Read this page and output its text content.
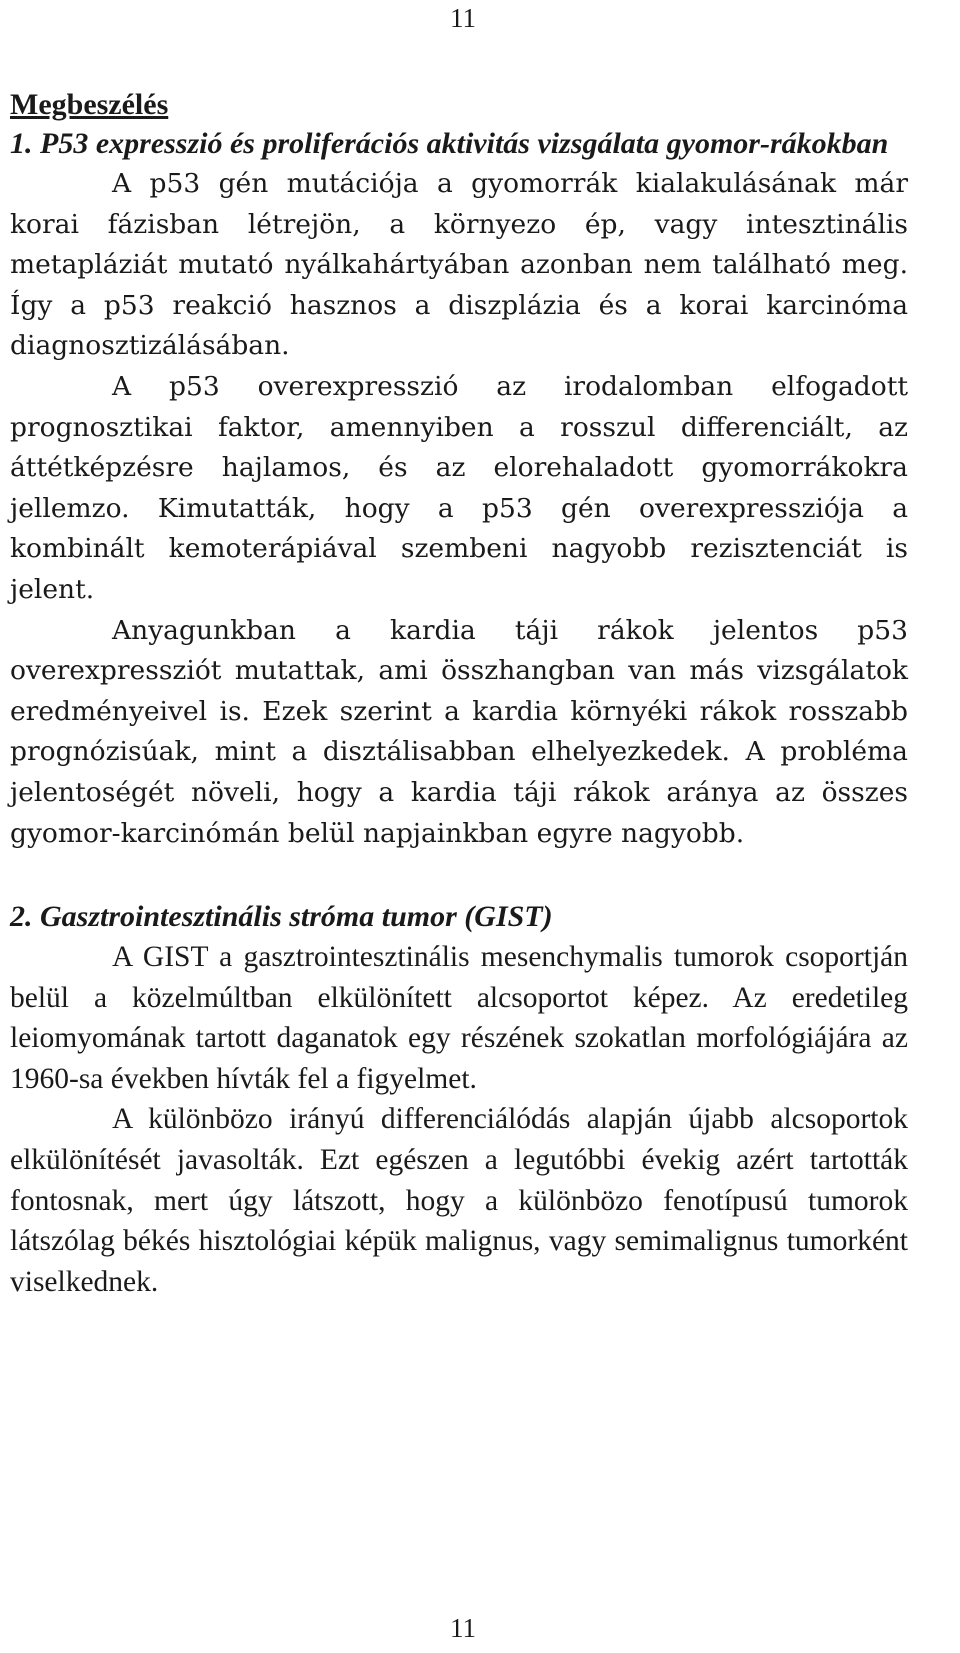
11
Megbeszélés
1. P53 expresszió és proliferációs aktivitás vizsgálata gyomor-rákokban

A p53 gén mutációja a gyomorrák kialakulásának már korai fázisban létrejön, a környezo ép, vagy intesztinális metapláziát mutató nyálkahártyában azonban nem található meg. Így a p53 reakció hasznos a diszplázia és a korai karcinóma diagnosztizálásában.

A p53 overexpresszió az irodalomban elfogadott prognosztikai faktor, amennyiben a rosszul differenciált, az áttétképzésre hajlamos, és az elorehaladott gyomorrákokra jellemzo. Kimutatták, hogy a p53 gén overexpressziója a kombinált kemoterápiával szembeni nagyobb rezisztenciát is jelent.

Anyagunkban a kardia táji rákok jelentos p53 overexpressziót mutattak, ami összhangban van más vizsgálatok eredményeivel is. Ezek szerint a kardia környéki rákok rosszabb prognózisúak, mint a disztálisabban elhelyezkedek. A probléma jelentoségét növeli, hogy a kardia táji rákok aránya az összes gyomor-karcinómán belül napjainkban egyre nagyobb.

2. Gasztrointesztinális stróma tumor (GIST)

A GIST a gasztrointesztinális mesenchymalis tumorok csoportján belül a közelmúltban elkülönített alcsoportot képez. Az eredetileg leiomyomának tartott daganatok egy részének szokatlan morfológiájára az 1960-sa években hívták fel a figyelmet.

A különbözo irányú differenciálódás alapján újabb alcsoportok elkülönítését javasolták. Ezt egészen a legutóbbi évekig azért tartották fontosnak, mert úgy látszott, hogy a különbözo fenotípusú tumorok látszólag békés hisztológiai képük malignus, vagy semimalignus tumorként viselkednek.

11
